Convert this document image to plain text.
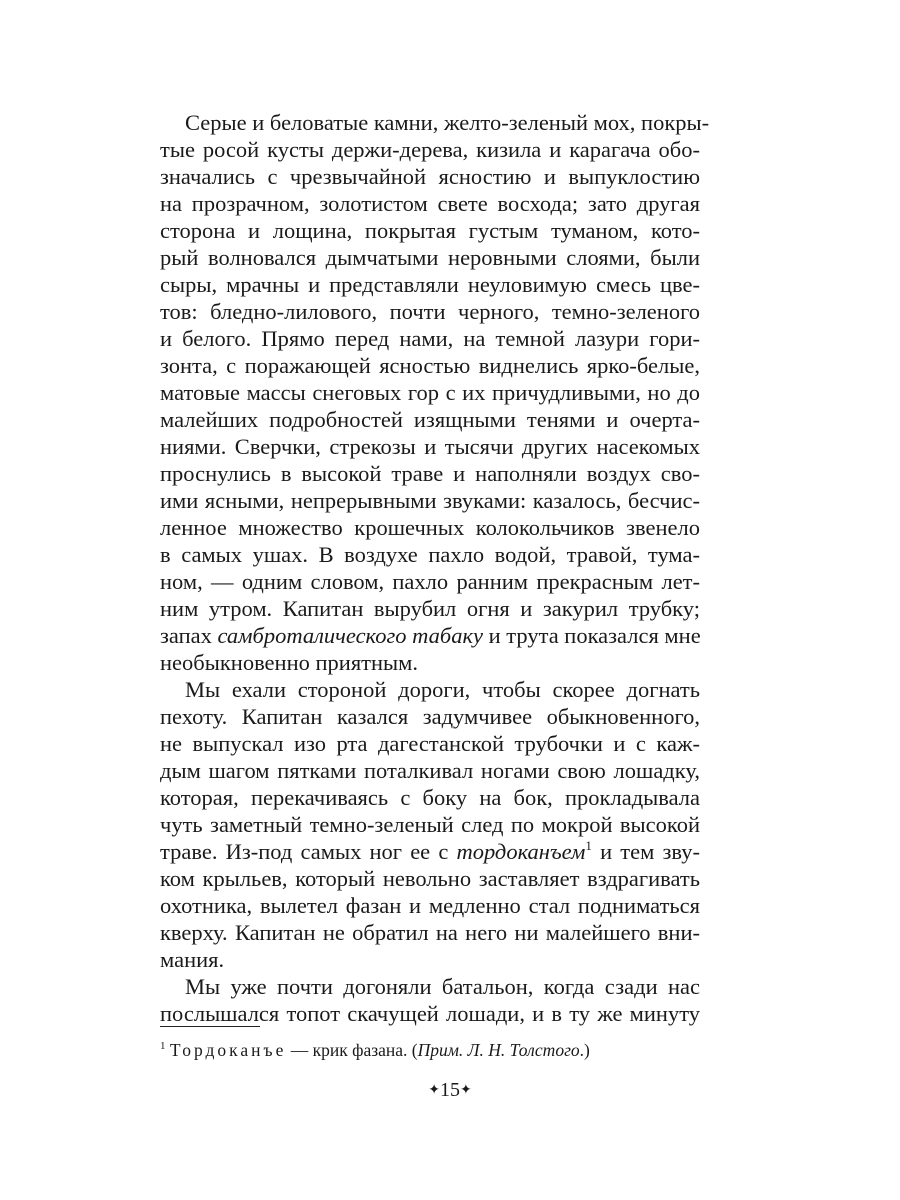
Серые и беловатые камни, желто-зеленый мох, покры-
тые росой кусты держи-дерева, кизила и карагача обо-
значались с чрезвычайной ясностию и выпуклостию
на прозрачном, золотистом свете восхода; зато другая
сторона и лощина, покрытая густым туманом, кото-
рый волновался дымчатыми неровными слоями, были
сыры, мрачны и представляли неуловимую смесь цве-
тов: бледно-лилового, почти черного, темно-зеленого
и белого. Прямо перед нами, на темной лазури гори-
зонта, с поражающей ясностью виднелись ярко-белые,
матовые массы снеговых гор с их причудливыми, но до
малейших подробностей изящными тенями и очерта-
ниями. Сверчки, стрекозы и тысячи других насекомых
проснулись в высокой траве и наполняли воздух сво-
ими ясными, непрерывными звуками: казалось, бесчис-
ленное множество крошечных колокольчиков звенело
в самых ушах. В воздухе пахло водой, травой, тума-
ном, — одним словом, пахло ранним прекрасным лет-
ним утром. Капитан вырубил огня и закурил трубку;
запах самброталического табаку и трута показался мне
необыкновенно приятным.
Мы ехали стороной дороги, чтобы скорее догнать
пехоту. Капитан казался задумчивее обыкновенного,
не выпускал изо рта дагестанской трубочки и с каж-
дым шагом пятками поталкивал ногами свою лошадку,
которая, перекачиваясь с боку на бок, прокладывала
чуть заметный темно-зеленый след по мокрой высокой
траве. Из-под самых ног ее с тордоканъем$^1$ и тем зву-
ком крыльев, который невольно заставляет вздрагивать
охотника, вылетел фазан и медленно стал подниматься
кверху. Капитан не обратил на него ни малейшего вни-
мания.
Мы уже почти догоняли батальон, когда сзади нас
послышался топот скачущей лошади, и в ту же минуту
$^1$ Тордоканъе — крик фазана. (Прим. Л. Н. Толстого.)
✦15✦
